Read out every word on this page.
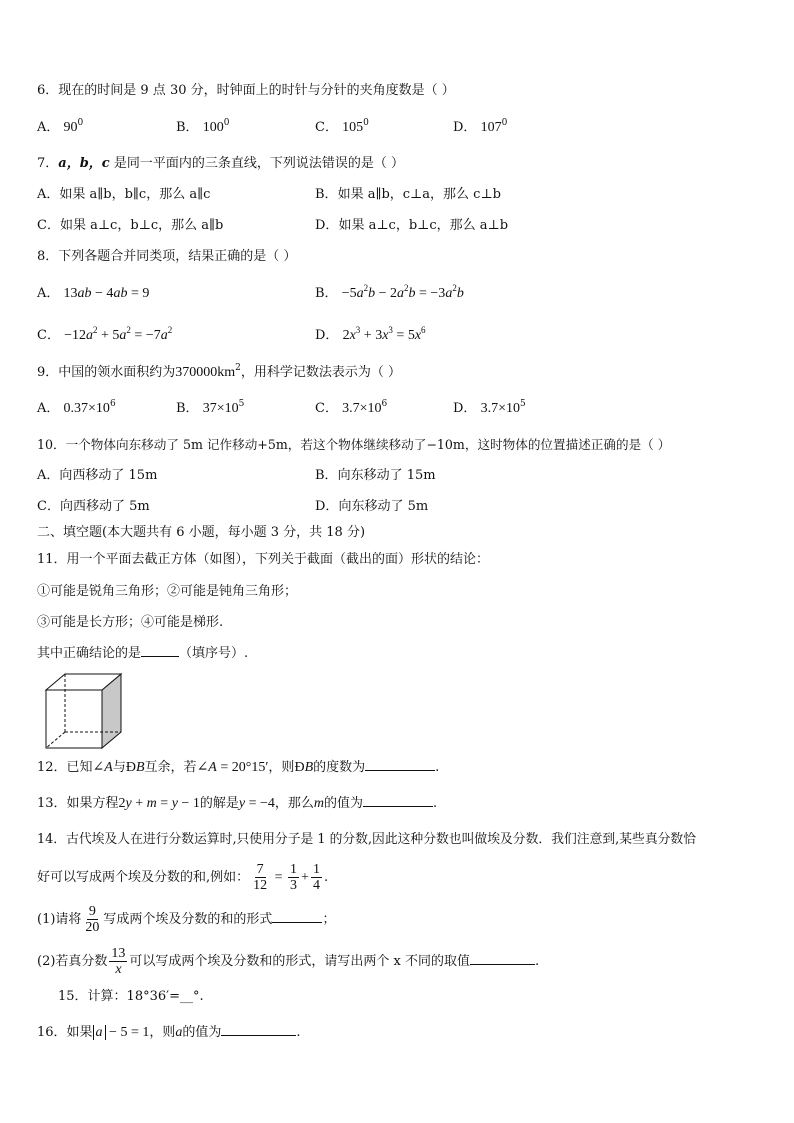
6．现在的时间是 9 点 30 分，时钟面上的时针与分针的夹角度数是（ ）
A． $90^0$	B． $100^0$	C． $105^0$	D． $107^0$
7．a，b，c 是同一平面内的三条直线，下列说法错误的是（ ）
A．如果 a∥b，b∥c，那么 a∥c	B．如果 a∥b，c⊥a，那么 c⊥b
C．如果 a⊥c，b⊥c，那么 a∥b	D．如果 a⊥c，b⊥c，那么 a⊥b
8．下列各题合并同类项，结果正确的是（ ）
A． 13ab − 4ab = 9	B． $-5a^2b - 2a^2b = -3a^2b$
C． $-12a^2 + 5a^2 = -7a^2$	D． $2x^3 + 3x^3 = 5x^6$
9．中国的领水面积约为$370000km^2$，用科学记数法表示为（ ）
A． $0.37\times 10^6$	B． $37\times 10^5$	C． $3.7\times 10^6$	D． $3.7\times 10^5$
10．一个物体向东移动了 5m 记作移动+5m，若这个物体继续移动了−10m，这时物体的位置描述正确的是（ ）
A．向西移动了 15m	B．向东移动了 15m
C．向西移动了 5m	D．向东移动了 5m
二、填空题(本大题共有 6 小题，每小题 3 分，共 18 分)
11．用一个平面去截正方体（如图），下列关于截面（截出的面）形状的结论：
①可能是锐角三角形；②可能是钝角三角形；
③可能是长方形；④可能是梯形.
其中正确结论的是	（填序号）.
12．已知∠A与ÐB互余，若∠A = 20°15′，则ÐB的度数为	.
13．如果方程2y + m = y − 1的解是y = −4，那么m的值为	.
14．古代埃及人在进行分数运算时,只使用分子是 1 的分数,因此这种分数也叫做埃及分数．我们注意到,某些真分数恰
好可以写成两个埃及分数的和,例如： $\frac{7}{12} = \frac{1}{3} + \frac{1}{4}$ .
(1)请将 $\frac{9}{20}$ 写成两个埃及分数的和的形式	；
(2)若真分数 $\frac{13}{x}$ 可以写成两个埃及分数和的形式，请写出两个 x 不同的取值	.
15．计算：18°36′=__°.
16．如果 a − 5 = 1，则a的值为	.
